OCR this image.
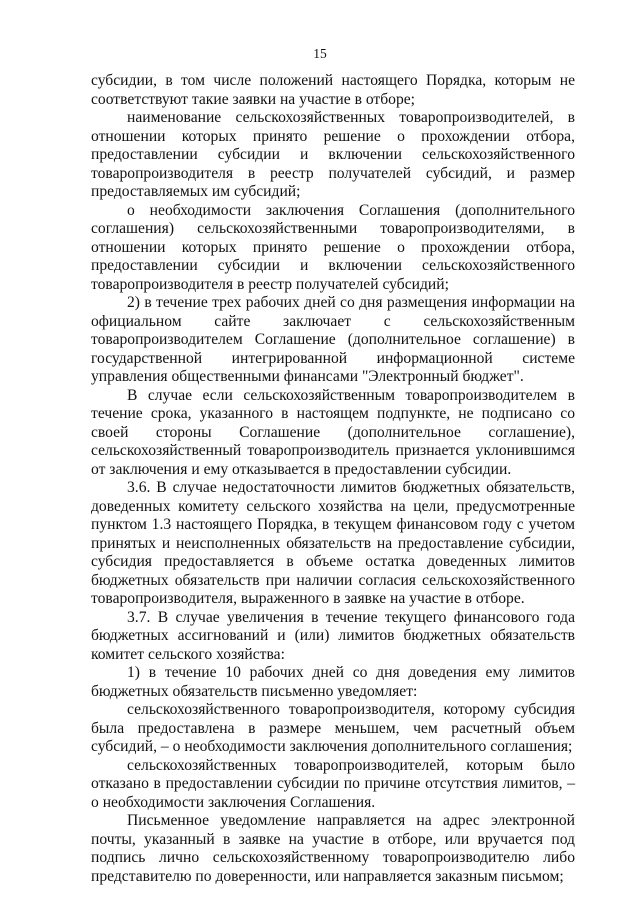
15

субсидии, в том числе положений настоящего Порядка, которым не соответствуют такие заявки на участие в отборе;

наименование сельскохозяйственных товаропроизводителей, в отношении которых принято решение о прохождении отбора, предоставлении субсидии и включении сельскохозяйственного товаропроизводителя в реестр получателей субсидий, и размер предоставляемых им субсидий;

о необходимости заключения Соглашения (дополнительного соглашения) сельскохозяйственными товаропроизводителями, в отношении которых принято решение о прохождении отбора, предоставлении субсидии и включении сельскохозяйственного товаропроизводителя в реестр получателей субсидий;

2) в течение трех рабочих дней со дня размещения информации на официальном сайте заключает с сельскохозяйственным товаропроизводителем Соглашение (дополнительное соглашение) в государственной интегрированной информационной системе управления общественными финансами "Электронный бюджет".

В случае если сельскохозяйственным товаропроизводителем в течение срока, указанного в настоящем подпункте, не подписано со своей стороны Соглашение (дополнительное соглашение), сельскохозяйственный товаропроизводитель признается уклонившимся от заключения и ему отказывается в предоставлении субсидии.

3.6. В случае недостаточности лимитов бюджетных обязательств, доведенных комитету сельского хозяйства на цели, предусмотренные пунктом 1.3 настоящего Порядка, в текущем финансовом году с учетом принятых и неисполненных обязательств на предоставление субсидии, субсидия предоставляется в объеме остатка доведенных лимитов бюджетных обязательств при наличии согласия сельскохозяйственного товаропроизводителя, выраженного в заявке на участие в отборе.

3.7. В случае увеличения в течение текущего финансового года бюджетных ассигнований и (или) лимитов бюджетных обязательств комитет сельского хозяйства:

1) в течение 10 рабочих дней со дня доведения ему лимитов бюджетных обязательств письменно уведомляет:

сельскохозяйственного товаропроизводителя, которому субсидия была предоставлена в размере меньшем, чем расчетный объем субсидий, – о необходимости заключения дополнительного соглашения;

сельскохозяйственных товаропроизводителей, которым было отказано в предоставлении субсидии по причине отсутствия лимитов, – о необходимости заключения Соглашения.

Письменное уведомление направляется на адрес электронной почты, указанный в заявке на участие в отборе, или вручается под подпись лично сельскохозяйственному товаропроизводителю либо представителю по доверенности, или направляется заказным письмом;
